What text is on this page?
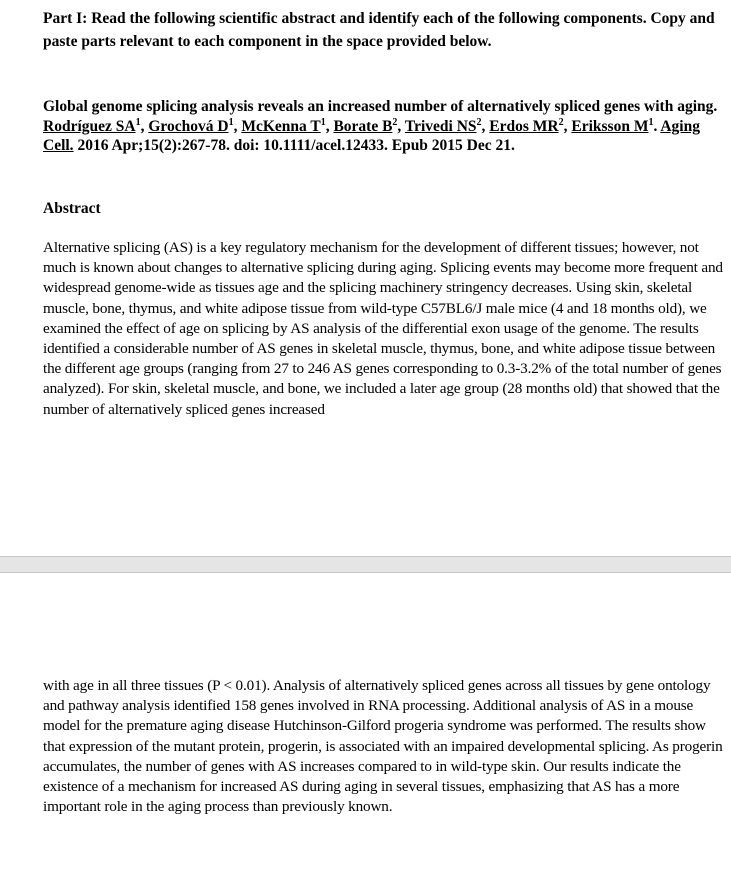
Part I: Read the following scientific abstract and identify each of the following components. Copy and paste parts relevant to each component in the space provided below.

Global genome splicing analysis reveals an increased number of alternatively spliced genes with aging.

Rodríguez $SA^1$, Grochová $D^1$, McKenna $T^1$, Borate $B^2$, Trivedi $NS^2$, Erdos $MR^2$, Eriksson $M^1$. Aging Cell. 2016 Apr;15(2):267-78. doi: 10.1111/acel.12433. Epub 2015 Dec 21.

Abstract
Alternative splicing (AS) is a key regulatory mechanism for the development of different tissues; however, not much is known about changes to alternative splicing during aging. Splicing events may become more frequent and widespread genome-wide as tissues age and the splicing machinery stringency decreases. Using skin, skeletal muscle, bone, thymus, and white adipose tissue from wild-type C57BL6/J male mice (4 and 18 months old), we examined the effect of age on splicing by AS analysis of the differential exon usage of the genome. The results identified a considerable number of AS genes in skeletal muscle, thymus, bone, and white adipose tissue between the different age groups (ranging from 27 to 246 AS genes corresponding to 0.3-3.2% of the total number of genes analyzed). For skin, skeletal muscle, and bone, we included a later age group (28 months old) that showed that the number of alternatively spliced genes increased
with age in all three tissues (P < 0.01). Analysis of alternatively spliced genes across all tissues by gene ontology and pathway analysis identified 158 genes involved in RNA processing. Additional analysis of AS in a mouse model for the premature aging disease Hutchinson-Gilford progeria syndrome was performed. The results show that expression of the mutant protein, progerin, is associated with an impaired developmental splicing. As progerin accumulates, the number of genes with AS increases compared to in wild-type skin. Our results indicate the existence of a mechanism for increased AS during aging in several tissues, emphasizing that AS has a more important role in the aging process than previously known.
